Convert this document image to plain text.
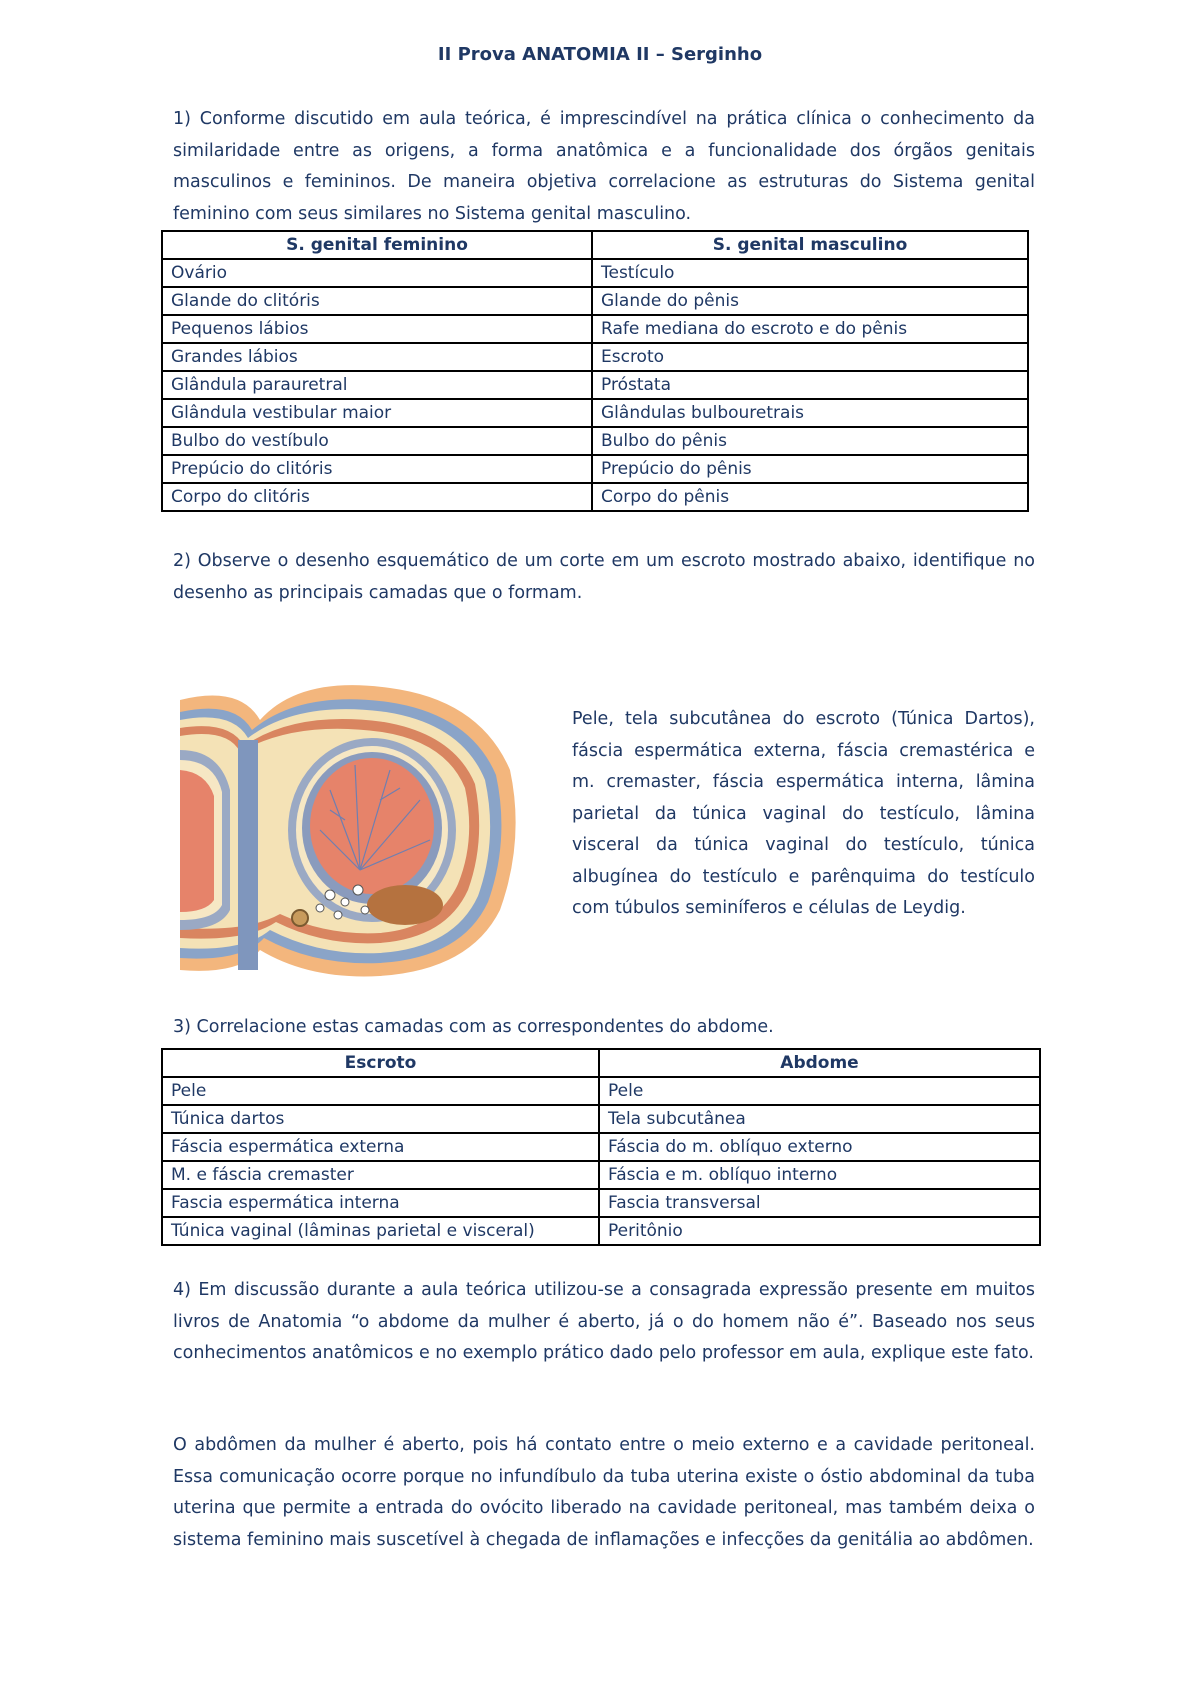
II Prova ANATOMIA II – Serginho

1) Conforme discutido em aula teórica, é imprescindível na prática clínica o conhecimento da similaridade entre as origens, a forma anatômica e a funcionalidade dos órgãos genitais masculinos e femininos. De maneira objetiva correlacione as estruturas do Sistema genital feminino com seus similares no Sistema genital masculino.

S. genital feminino	S. genital masculino
Ovário	Testículo
Glande do clitóris	Glande do pênis
Pequenos lábios	Rafe mediana do escroto e do pênis
Grandes lábios	Escroto
Glândula parauretral	Próstata
Glândula vestibular maior	Glândulas bulbouretrais
Bulbo do vestíbulo	Bulbo do pênis
Prepúcio do clitóris	Prepúcio do pênis
Corpo do clitóris	Corpo do pênis

2) Observe o desenho esquemático de um corte em um escroto mostrado abaixo, identifique no desenho as principais camadas que o formam.

Pele, tela subcutânea do escroto (Túnica Dartos), fáscia espermática externa, fáscia cremastérica e m. cremaster, fáscia espermática interna, lâmina parietal da túnica vaginal do testículo, lâmina visceral da túnica vaginal do testículo, túnica albugínea do testículo e parênquima do testículo com túbulos seminíferos e células de Leydig.

3) Correlacione estas camadas com as correspondentes do abdome.

Escroto	Abdome
Pele	Pele
Túnica dartos	Tela subcutânea
Fáscia espermática externa	Fáscia do m. oblíquo externo
M. e fáscia cremaster	Fáscia e m. oblíquo interno
Fascia espermática interna	Fascia transversal
Túnica vaginal (lâminas parietal e visceral)	Peritônio

4) Em discussão durante a aula teórica utilizou-se a consagrada expressão presente em muitos livros de Anatomia “o abdome da mulher é aberto, já o do homem não é”. Baseado nos seus conhecimentos anatômicos e no exemplo prático dado pelo professor em aula, explique este fato.

O abdômen da mulher é aberto, pois há contato entre o meio externo e a cavidade peritoneal. Essa comunicação ocorre porque no infundíbulo da tuba uterina existe o óstio abdominal da tuba uterina que permite a entrada do ovócito liberado na cavidade peritoneal, mas também deixa o sistema feminino mais suscetível à chegada de inflamações e infecções da genitália ao abdômen.
